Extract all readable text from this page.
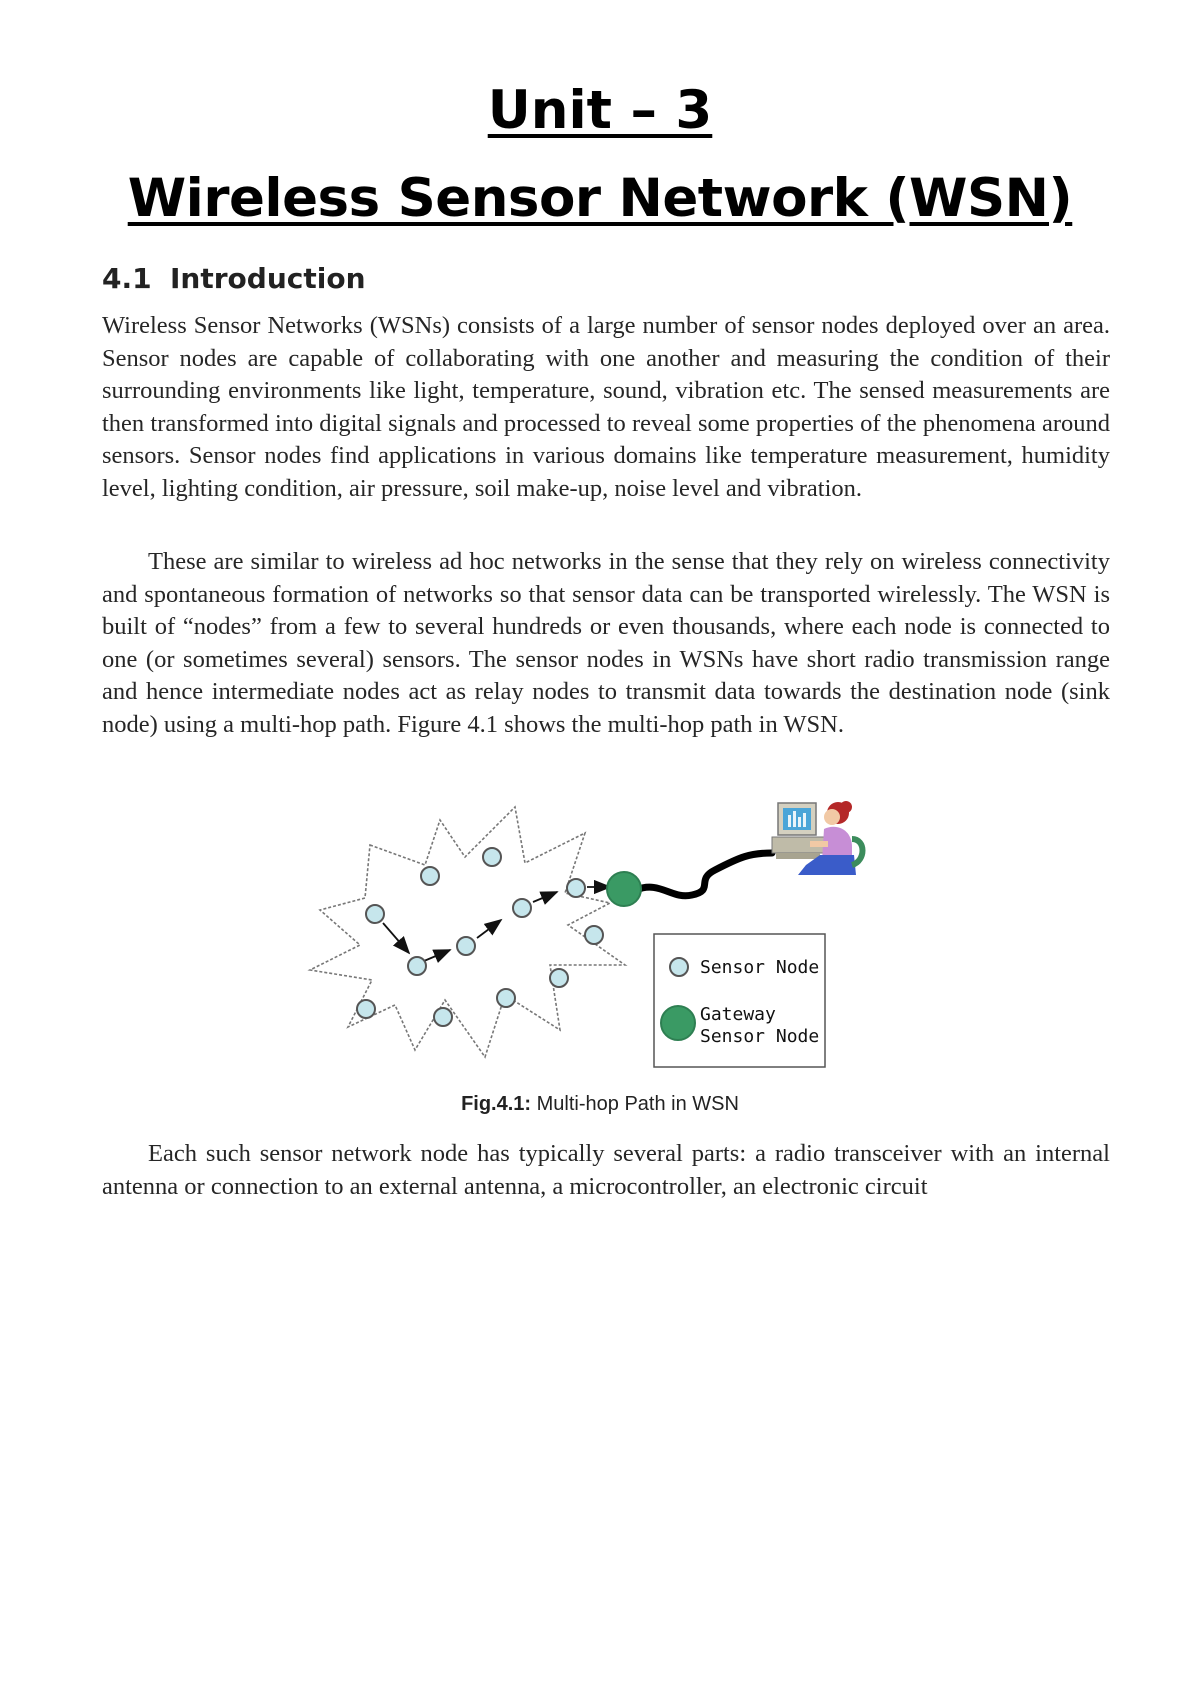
Unit – 3
Wireless Sensor Network (WSN)
4.1 Introduction

Wireless Sensor Networks (WSNs) consists of a large number of sensor nodes deployed over an area. Sensor nodes are capable of collaborating with one another and measuring the condition of their surrounding environments like light, temperature, sound, vibration etc. The sensed measurements are then transformed into digital signals and processed to reveal some properties of the phenomena around sensors. Sensor nodes find applications in various domains like temperature measurement, humidity level, lighting condition, air pressure, soil make-up, noise level and vibration.

These are similar to wireless ad hoc networks in the sense that they rely on wireless connectivity and spontaneous formation of networks so that sensor data can be transported wirelessly. The WSN is built of “nodes” from a few to several hundreds or even thousands, where each node is connected to one (or sometimes several) sensors. The sensor nodes in WSNs have short radio transmission range and hence intermediate nodes act as relay nodes to transmit data towards the destination node (sink node) using a multi-hop path. Figure 4.1 shows the multi-hop path in WSN.

Sensor Node
Gateway
Sensor Node

Fig.4.1: Multi-hop Path in WSN

Each such sensor network node has typically several parts: a radio transceiver with an internal antenna or connection to an external antenna, a microcontroller, an electronic circuit
